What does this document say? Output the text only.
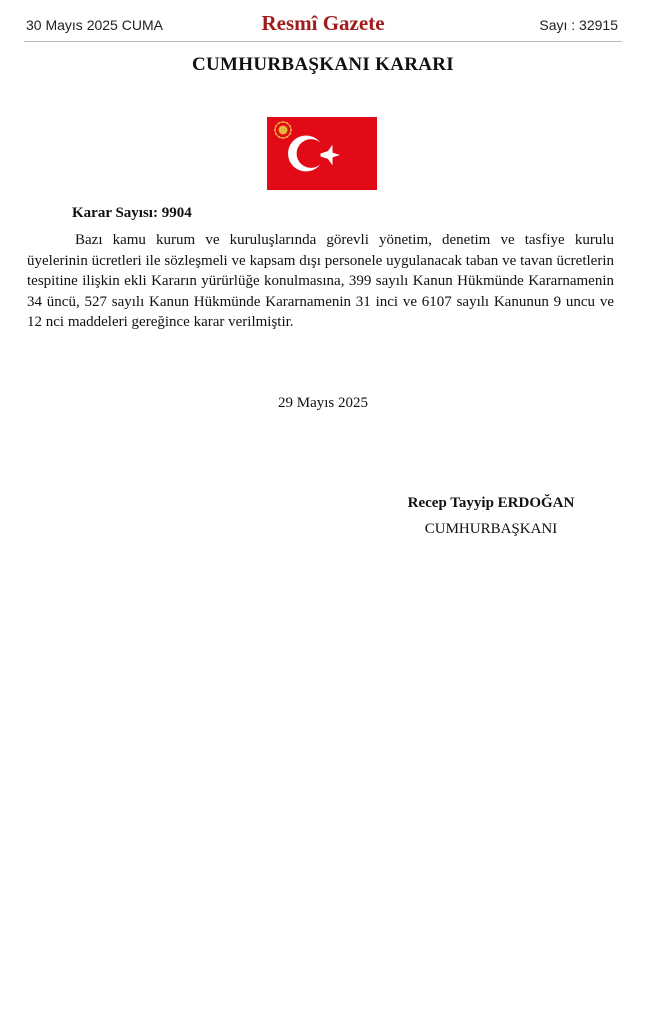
30 Mayıs 2025 CUMA	Resmî Gazete	Sayı : 32915
CUMHURBAŞKANI KARARI
Karar Sayısı: 9904

Bazı kamu kurum ve kuruluşlarında görevli yönetim, denetim ve tasfiye kurulu üyelerinin ücretleri ile sözleşmeli ve kapsam dışı personele uygulanacak taban ve tavan ücretlerin tespitine ilişkin ekli Kararın yürürlüğe konulmasına, 399 sayılı Kanun Hükmünde Kararnamenin 34 üncü, 527 sayılı Kanun Hükmünde Kararnamenin 31 inci ve 6107 sayılı Kanunun 9 uncu ve 12 nci maddeleri gereğince karar verilmiştir.

29 Mayıs 2025
Recep Tayyip ERDOĞAN
CUMHURBAŞKANI
